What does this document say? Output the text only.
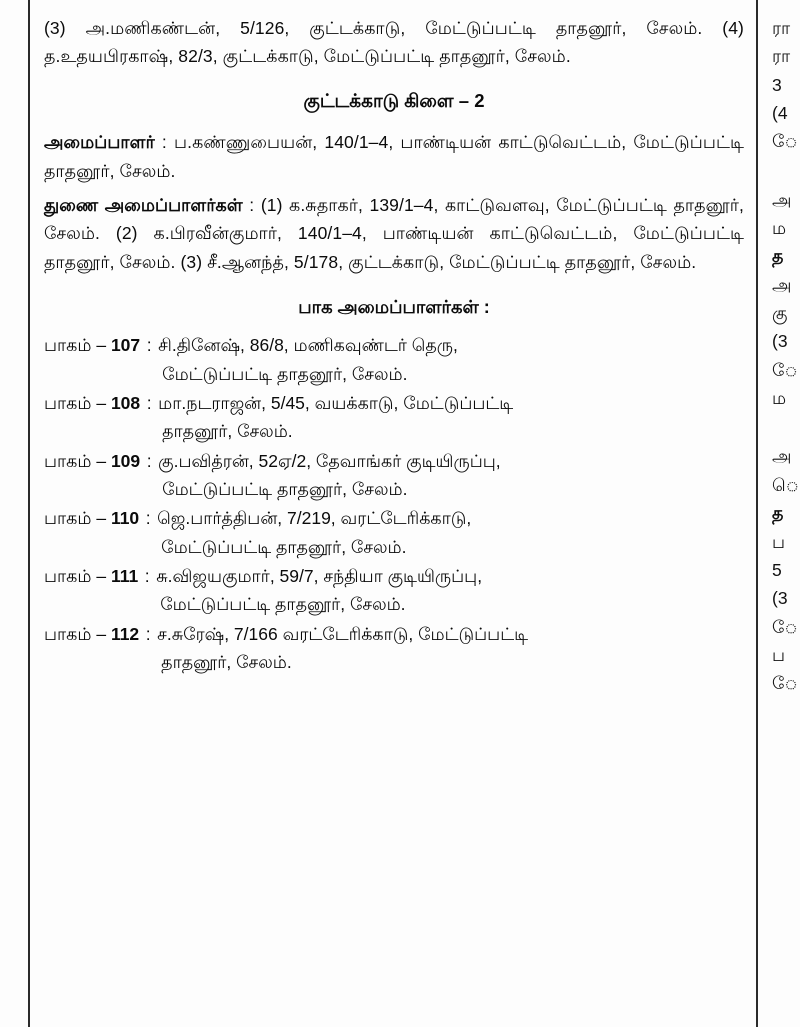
(3) அ.மணிகண்டன், 5/126, குட்டக்காடு, மேட்டுப்பட்டி தாதனூர், சேலம். (4) த.உதயபிரகாஷ், 82/3, குட்டக்காடு, மேட்டுப்பட்டி தாதனூர், சேலம்.

குட்டக்காடு கிளை – 2

அமைப்பாளர் : ப.கண்ணுபையன், 140/1–4, பாண்டியன் காட்டுவெட்டம், மேட்டுப்பட்டி தாதனூர், சேலம்.

துணை அமைப்பாளர்கள் : (1) க.சுதாகர், 139/1–4, காட்டுவளவு, மேட்டுப்பட்டி தாதனூர், சேலம். (2) க.பிரவீன்குமார், 140/1–4, பாண்டியன் காட்டுவெட்டம், மேட்டுப்பட்டி தாதனூர், சேலம். (3) சீ.ஆனந்த், 5/178, குட்டக்காடு, மேட்டுப்பட்டி தாதனூர், சேலம்.

பாக அமைப்பாளர்கள் :
பாகம் – 107 : சி.தினேஷ், 86/8, மணிகவுண்டர் தெரு,
மேட்டுப்பட்டி தாதனூர், சேலம்.
பாகம் – 108 : மா.நடராஜன், 5/45, வயக்காடு, மேட்டுப்பட்டி
தாதனூர், சேலம்.
பாகம் – 109 : கு.பவித்ரன், 52ஏ/2, தேவாங்கர் குடியிருப்பு,
மேட்டுப்பட்டி தாதனூர், சேலம்.
பாகம் – 110 : ஜெ.பார்த்திபன், 7/219, வரட்டேரிக்காடு,
மேட்டுப்பட்டி தாதனூர், சேலம்.
பாகம் – 111 : சு.விஜயகுமார், 59/7, சந்தியா குடியிருப்பு,
மேட்டுப்பட்டி தாதனூர், சேலம்.
பாகம் – 112 : ச.சுரேஷ், 7/166 வரட்டேரிக்காடு, மேட்டுப்பட்டி
தாதனூர், சேலம்.

ரா

ரா

3

(4

ே

அ

ம

த

அ

கு

(3

ே

ம

அ

ெ

த

ப

5

(3

ே

ப

ே
